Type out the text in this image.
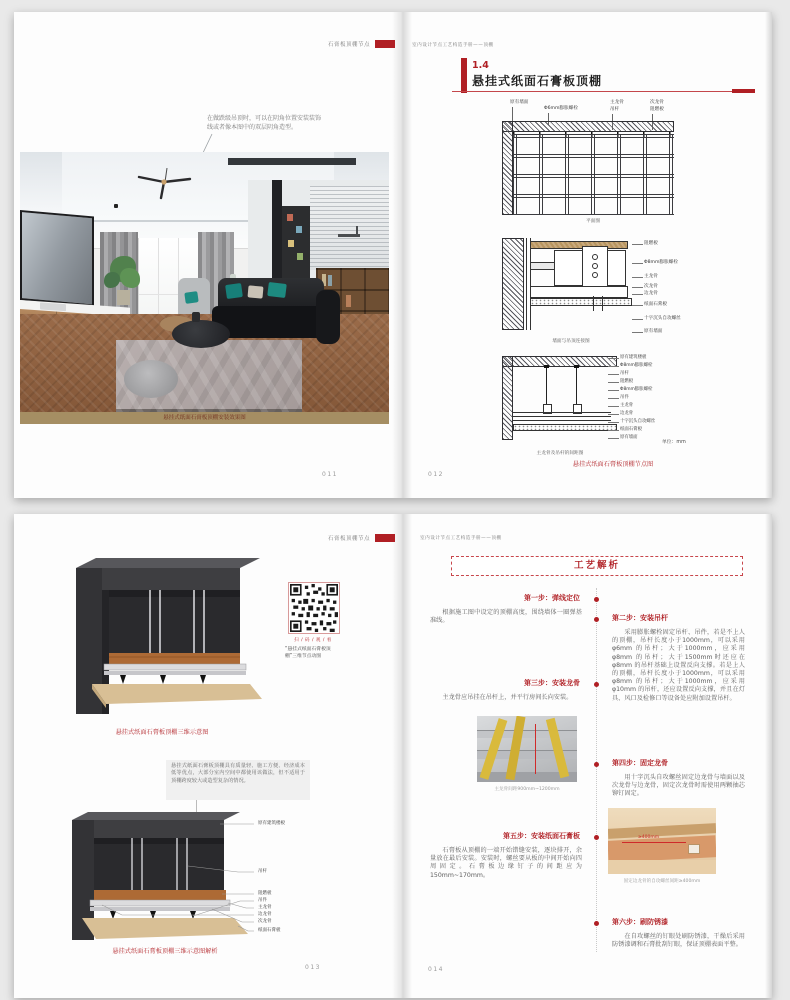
石膏板顶棚节点
在做跌级吊顶时，可以在阴角位置安装装饰
线或者像本图中的双层阴角造型。
悬挂式纸面石膏板顶棚安装效果图
011
室内设计节点工艺构造手册——顶棚
1.4
悬挂式纸面石膏板顶棚
原有墙面
Φ6mm膨胀螺栓
主龙骨
吊杆
次龙骨
阻燃板
平面图
阻燃板
Φ8mm膨胀螺栓
主龙骨
次龙骨
边龙骨
纸面石膏板
十字沉头自攻螺丝
原有墙面
墙面与吊顶连接图
原有建筑楼板
Φ8mm膨胀螺栓
吊杆
阻燃板
Φ8mm膨胀螺栓
吊件
主龙骨
边龙骨
十字沉头自攻螺丝
纸面石膏板
原有墙面
单位：mm
主龙骨及吊杆的间距图
悬挂式纸面石膏板顶棚节点图
012
石膏板顶棚节点
扫 / 码 / 观 / 看
“悬挂式纸面石膏板顶
棚”三维节点动图
悬挂式纸面石膏板顶棚三维示意图
悬挂式纸面石膏板顶棚具有质量轻、施工方便、经济成本低等优点，大部分室内空间中都使用该做法，但不适用于顶棚跨度较大或造型复杂的情况。
原有建筑楼板
吊杆
阻燃板
吊件
主龙骨
边龙骨
次龙骨
纸面石膏板
悬挂式纸面石膏板顶棚三维示意图解析
013
室内设计节点工艺构造手册——顶棚
工艺解析
第一步：弹线定位
根据施工图中设定的顶棚高度，围绕墙体一圈弹基准线。	第二步：安装吊杆
采用膨胀螺栓固定吊杆、吊件，若是不上人的顶棚，吊杆长度小于1000mm，可以采用 φ6mm 的吊杆；大于1000mm，应采用 φ8mm 的吊杆；大于1500mm时还应在 φ8mm 的吊杆基础上设置反向支撑。若是上人的顶棚，吊杆长度小于1000mm，可以采用 φ8mm 的吊杆；大于1000mm，应采用 φ10mm 的吊杆，还应设置反向支撑，并且在灯具、风口及检修口等设备处应附加设置吊杆。
第三步：安装龙骨
主龙骨应吊挂在吊杆上，并平行房间长向安装。
主龙骨间距900mm~1200mm
第四步：固定龙骨
用十字沉头自攻螺丝固定边龙骨与墙面以及次龙骨与边龙骨，固定次龙骨时需使用两颗抽芯铆钉固定。
≥400mm
固定边龙骨的自攻螺丝间距≥400mm
第五步：安装纸面石膏板
石膏板从顶棚的一端开始错缝安装，逐块排开，余量放在最后安装。安装时，螺丝要从板的中间开始向四周固定。石膏板边缘钉子的间距应为150mm~170mm。
第六步：刷防锈漆
在自攻螺丝的钉眼处刷防锈漆，干燥后采用防锈漆调和石膏批刮钉眼，保证顶棚表面平整。
014
